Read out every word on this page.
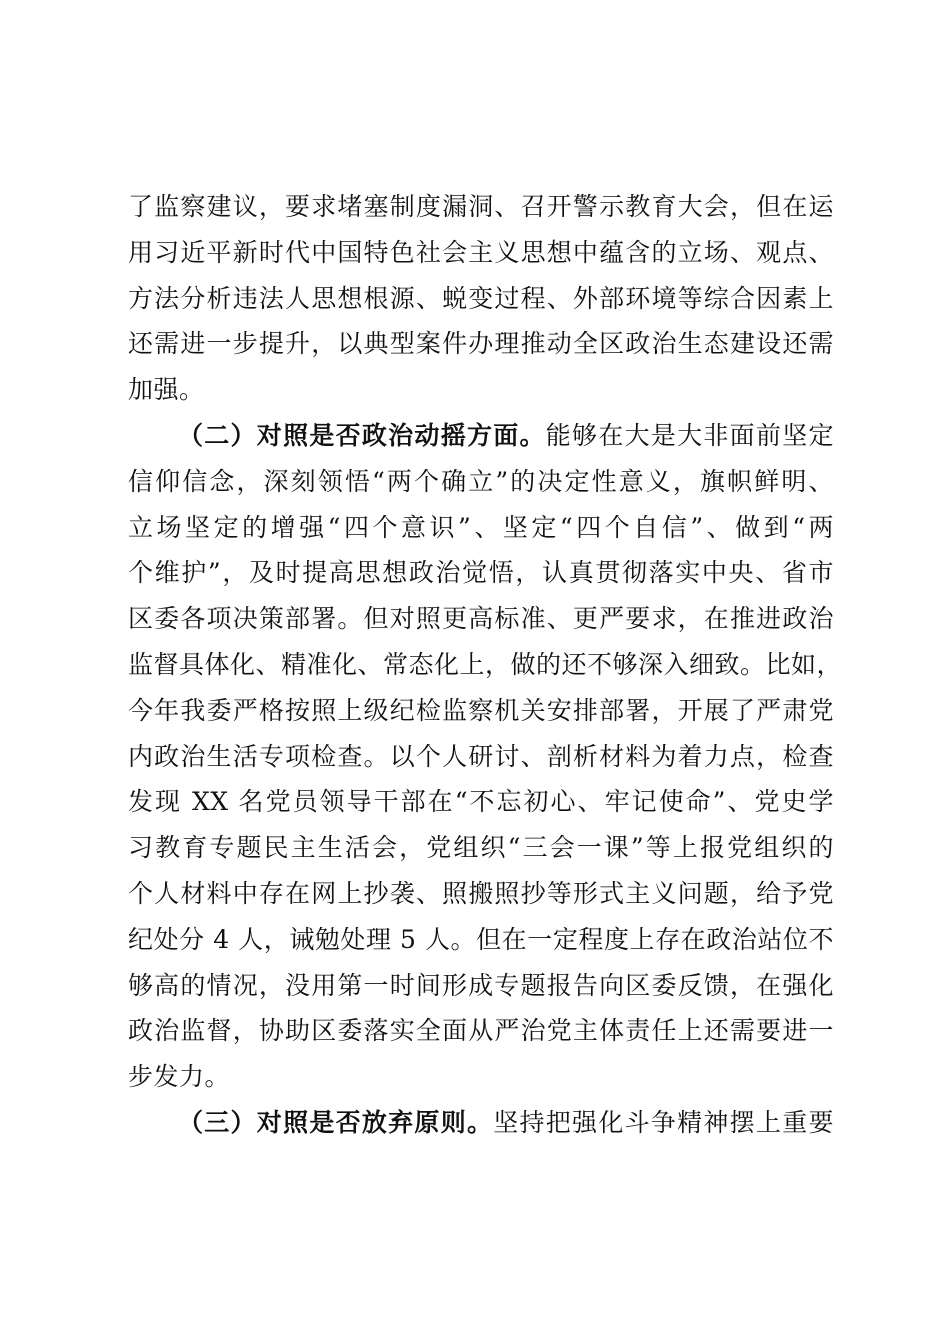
了监察建议，要求堵塞制度漏洞、召开警示教育大会，但在运
用习近平新时代中国特色社会主义思想中蕴含的立场、观点、
方法分析违法人思想根源、蜕变过程、外部环境等综合因素上
还需进一步提升，以典型案件办理推动全区政治生态建设还需
加强。
（二）对照是否政治动摇方面。能够在大是大非面前坚定
信仰信念，深刻领悟“两个确立”的决定性意义，旗帜鲜明、
立场坚定的增强“四个意识”、坚定“四个自信”、做到“两
个维护”，及时提高思想政治觉悟，认真贯彻落实中央、省市
区委各项决策部署。但对照更高标准、更严要求，在推进政治
监督具体化、精准化、常态化上，做的还不够深入细致。比如，
今年我委严格按照上级纪检监察机关安排部署，开展了严肃党
内政治生活专项检查。以个人研讨、剖析材料为着力点，检查
发现 XX 名党员领导干部在“不忘初心、牢记使命”、党史学
习教育专题民主生活会，党组织“三会一课”等上报党组织的
个人材料中存在网上抄袭、照搬照抄等形式主义问题，给予党
纪处分 4 人，诫勉处理 5 人。但在一定程度上存在政治站位不
够高的情况，没用第一时间形成专题报告向区委反馈，在强化
政治监督，协助区委落实全面从严治党主体责任上还需要进一
步发力。
（三）对照是否放弃原则。坚持把强化斗争精神摆上重要
